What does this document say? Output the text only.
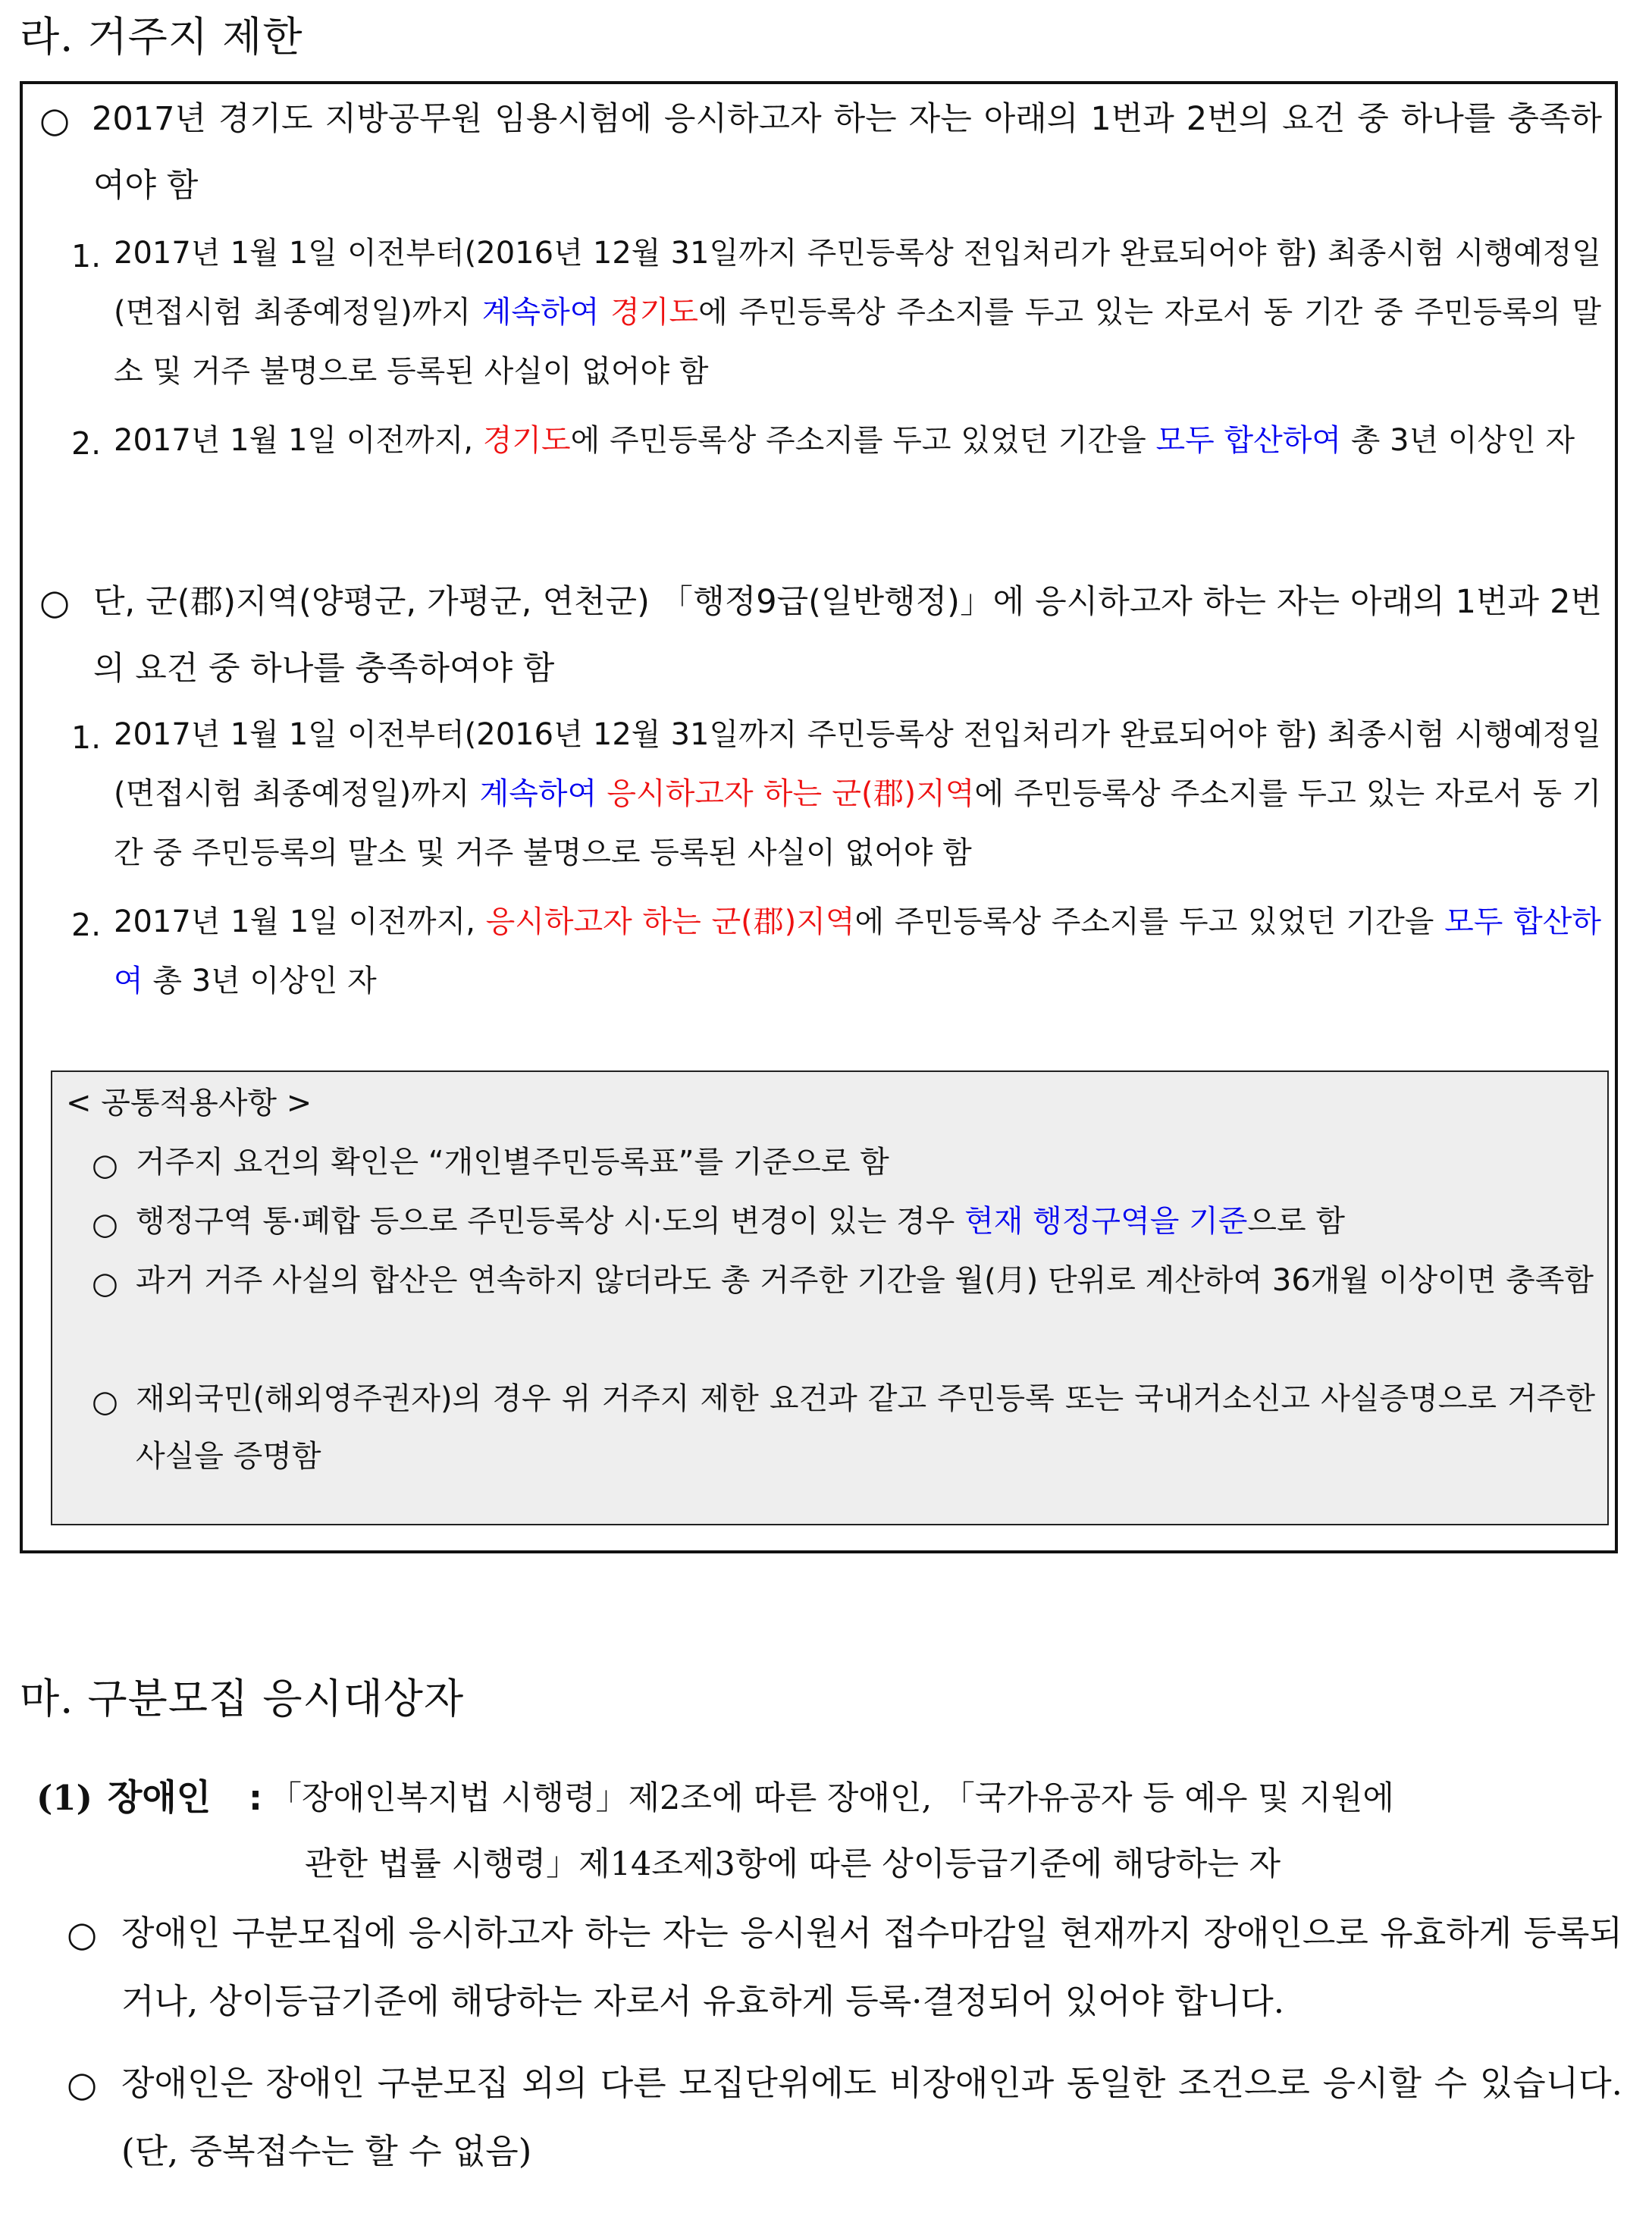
라. 거주지 제한
○ 2017년 경기도 지방공무원 임용시험에 응시하고자 하는 자는 아래의 1번과 2번의 요건 중 하나를 충족하여야 함
1. 2017년 1월 1일 이전부터(2016년 12월 31일까지 주민등록상 전입처리가 완료되어야 함) 최종시험 시행예정일(면접시험 최종예정일)까지 계속하여 경기도에 주민등록상 주소지를 두고 있는 자로서 동 기간 중 주민등록의 말소 및 거주 불명으로 등록된 사실이 없어야 함
2. 2017년 1월 1일 이전까지, 경기도에 주민등록상 주소지를 두고 있었던 기간을 모두 합산하여 총 3년 이상인 자
○ 단, 군(郡)지역(양평군, 가평군, 연천군) 「행정9급(일반행정)」에 응시하고자 하는 자는 아래의 1번과 2번의 요건 중 하나를 충족하여야 함
1. 2017년 1월 1일 이전부터(2016년 12월 31일까지 주민등록상 전입처리가 완료되어야 함) 최종시험 시행예정일(면접시험 최종예정일)까지 계속하여 응시하고자 하는 군(郡)지역에 주민등록상 주소지를 두고 있는 자로서 동 기간 중 주민등록의 말소 및 거주 불명으로 등록된 사실이 없어야 함
2. 2017년 1월 1일 이전까지, 응시하고자 하는 군(郡)지역에 주민등록상 주소지를 두고 있었던 기간을 모두 합산하여 총 3년 이상인 자
< 공통적용사항 >
○ 거주지 요건의 확인은 “개인별주민등록표”를 기준으로 함
○ 행정구역 통·폐합 등으로 주민등록상 시·도의 변경이 있는 경우 현재 행정구역을 기준으로 함
○ 과거 거주 사실의 합산은 연속하지 않더라도 총 거주한 기간을 월(月) 단위로 계산하여 36개월 이상이면 충족함
○ 재외국민(해외영주권자)의 경우 위 거주지 제한 요건과 같고 주민등록 또는 국내거소신고 사실증명으로 거주한 사실을 증명함
마. 구분모집 응시대상자
(1) 장애인 : 「장애인복지법 시행령」제2조에 따른 장애인, 「국가유공자 등 예우 및 지원에
관한 법률 시행령」제14조제3항에 따른 상이등급기준에 해당하는 자
○ 장애인 구분모집에 응시하고자 하는 자는 응시원서 접수마감일 현재까지 장애인으로 유효하게 등록되거나, 상이등급기준에 해당하는 자로서 유효하게 등록·결정되어 있어야 합니다.
○ 장애인은 장애인 구분모집 외의 다른 모집단위에도 비장애인과 동일한 조건으로 응시할 수 있습니다. (단, 중복접수는 할 수 없음)
